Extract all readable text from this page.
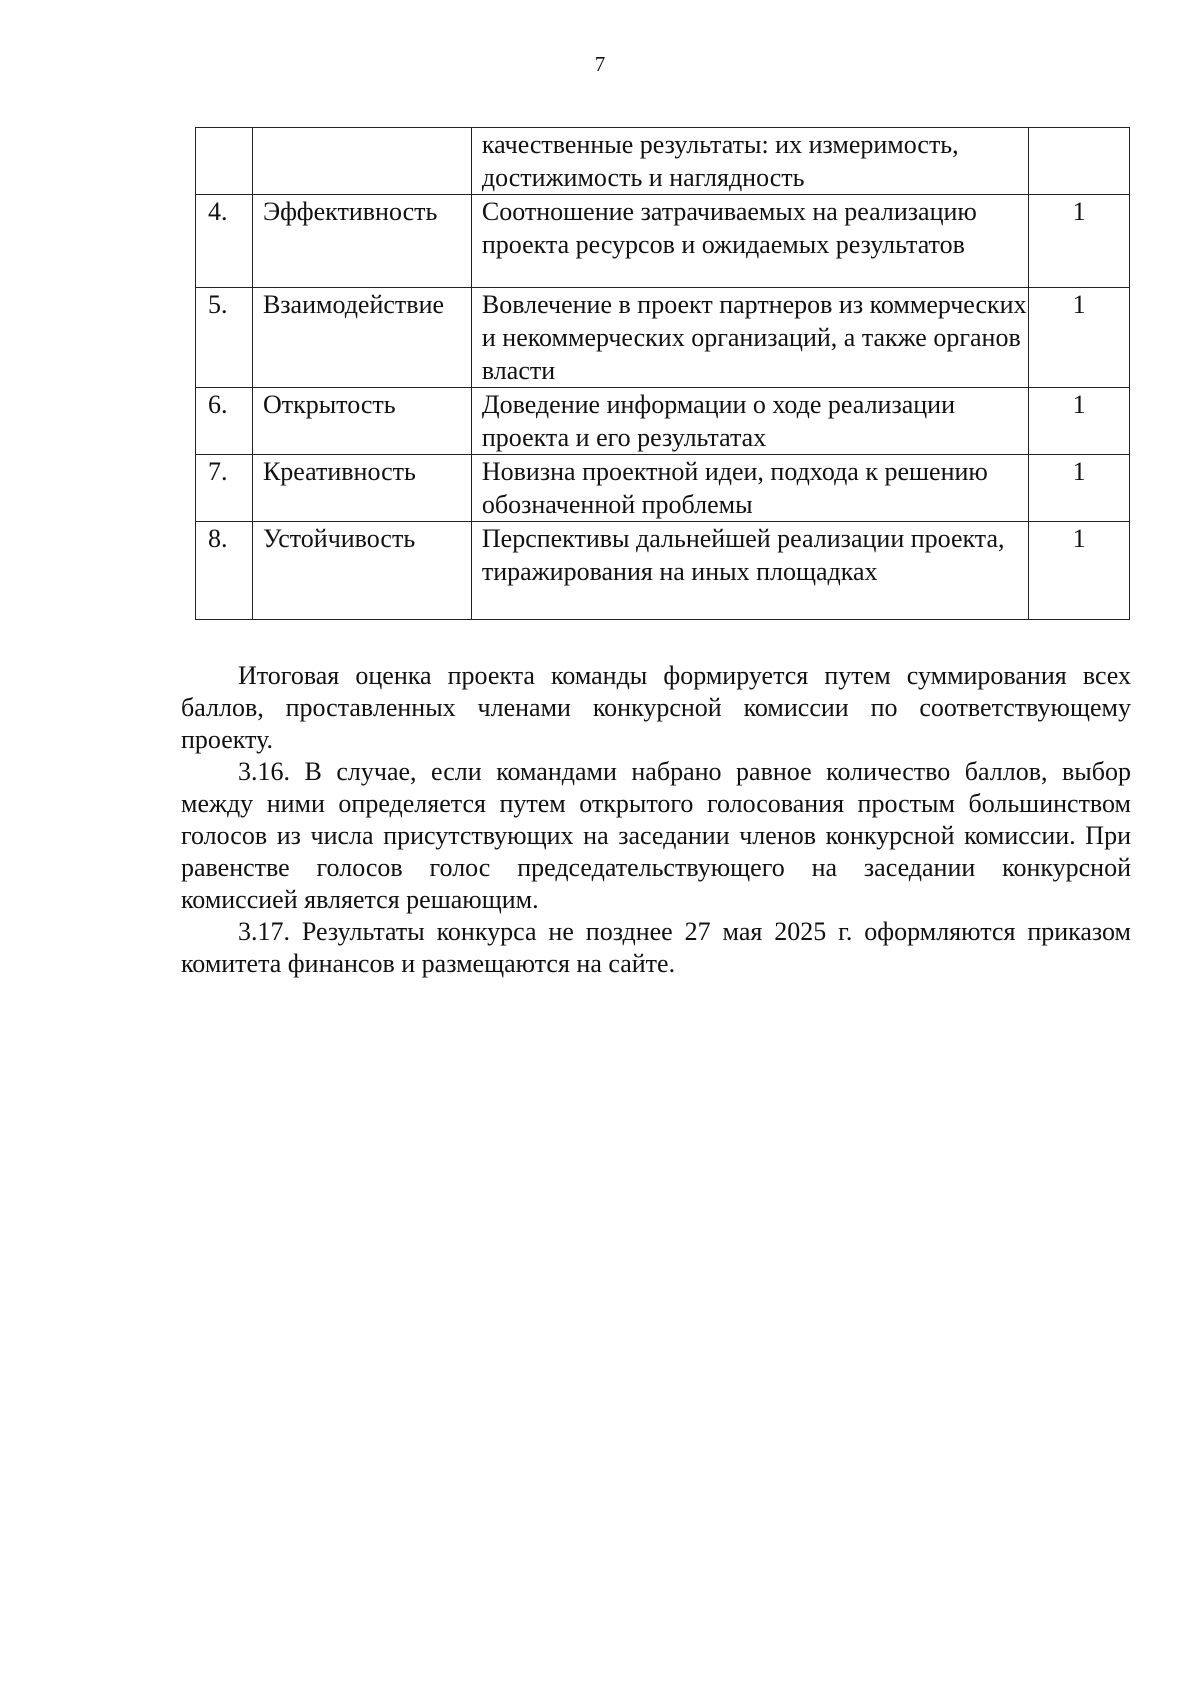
7
		качественные результаты: их измеримость, достижимость и наглядность	
4.	Эффективность	Соотношение затрачиваемых на реализацию проекта ресурсов и ожидаемых результатов	1
5.	Взаимодействие	Вовлечение в проект партнеров из коммерческих и некоммерческих организаций, а также органов власти	1
6.	Открытость	Доведение информации о ходе реализации проекта и его результатах	1
7.	Креативность	Новизна проектной идеи, подхода к решению обозначенной проблемы	1
8.	Устойчивость	Перспективы дальнейшей реализации проекта, тиражирования на иных площадках	1

Итоговая оценка проекта команды формируется путем суммирования всех баллов, проставленных членами конкурсной комиссии по соответствующему проекту.

3.16. В случае, если командами набрано равное количество баллов, выбор между ними определяется путем открытого голосования простым большинством голосов из числа присутствующих на заседании членов конкурсной комиссии. При равенстве голосов голос председательствующего на заседании конкурсной комиссией является решающим.

3.17. Результаты конкурса не позднее 27 мая 2025 г. оформляются приказом комитета финансов и размещаются на сайте.
